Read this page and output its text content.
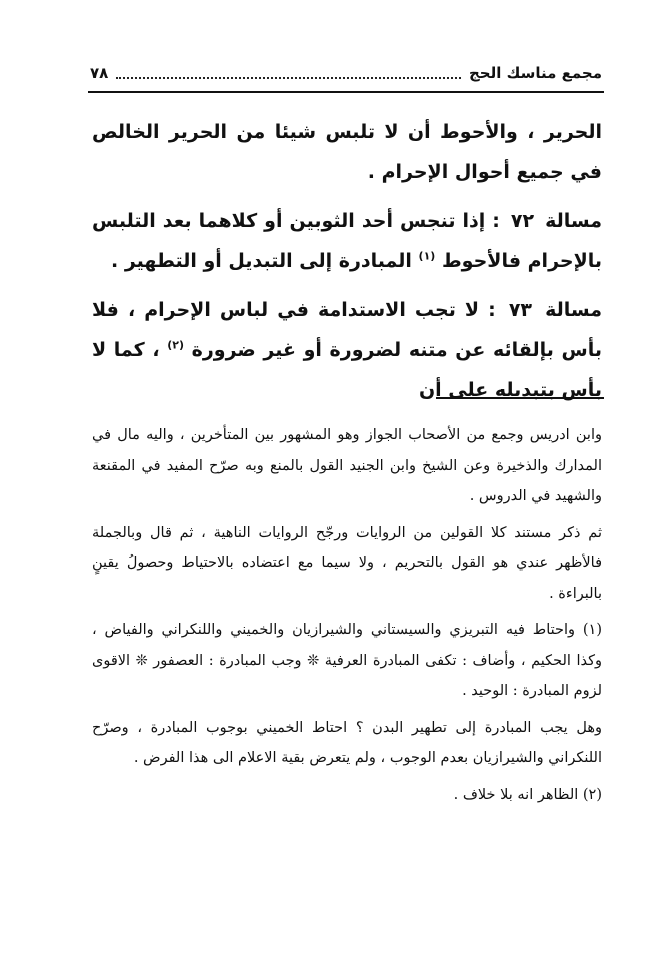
مجمع مناسك الحج
٧٨

الحرير ، والأحوط أن لا تلبس شيئا من الحرير الخالص في جميع أحوال الإحرام .

مسالة ٧٢ : إذا تنجس أحد الثوبين أو كلاهما بعد التلبس بالإحرام فالأحوط $^{(١)}$ المبادرة إلى التبديل أو التطهير .

مسالة ٧٣ : لا تجب الاستدامة في لباس الإحرام ، فلا بأس بإلقائه عن متنه لضرورة أو غير ضرورة $^{(٢)}$ ، كما لا بأس بتبديله على أن

وابن ادريس وجمع من الأصحاب الجواز وهو المشهور بين المتأخرين ، واليه مال في المدارك والذخيرة وعن الشيخ وابن الجنيد القول بالمنع وبه صرّح المفيد في المقنعة والشهيد في الدروس .

ثم ذكر مستند كلا القولين من الروايات ورجّح الروايات الناهية ، ثم قال وبالجملة فالأظهر عندي هو القول بالتحريم ، ولا سيما مع اعتضاده بالاحتياط وحصولُ يقينٍ بالبراءة .

(١) واحتاط فيه التبريزي والسيستاني والشيرازيان والخميني واللنكراني والفياض ، وكذا الحكيم ، وأضاف : تكفى المبادرة العرفية ❊ وجب المبادرة : العصفور ❊ الاقوى لزوم المبادرة : الوحيد .

وهل يجب المبادرة إلى تطهير البدن ؟ احتاط الخميني بوجوب المبادرة ، وصرّح اللنكراني والشيرازيان بعدم الوجوب ، ولم يتعرض بقية الاعلام الى هذا الفرض .

(٢) الظاهر انه بلا خلاف .
